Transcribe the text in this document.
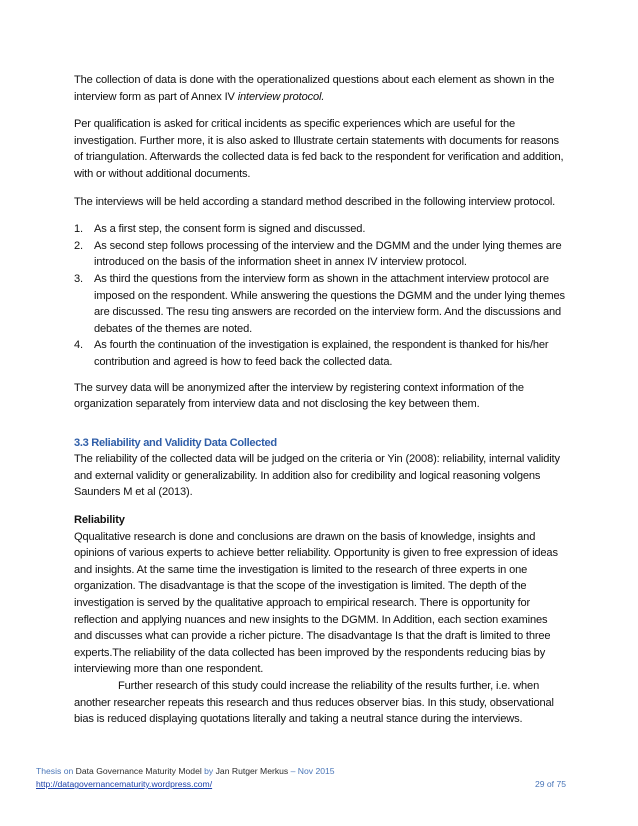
The collection of data is done with the operationalized questions about each element as shown in the interview form as part of Annex IV interview protocol.

Per qualification is asked for critical incidents as specific experiences which are useful for the investigation. Further more, it is also asked to Illustrate certain statements with documents for reasons of triangulation. Afterwards the collected data is fed back to the respondent for verification and addition, with or without additional documents.

The interviews will be held according a standard method described in the following interview protocol.

1. As a first step, the consent form is signed and discussed.
2. As second step follows processing of the interview and the DGMM and the under lying themes are introduced on the basis of the information sheet in annex IV interview protocol.
3. As third the questions from the interview form as shown in the attachment interview protocol are imposed on the respondent. While answering the questions the DGMM and the under lying themes are discussed. The resu ting answers are recorded on the interview form. And the discussions and debates of the themes are noted.
4. As fourth the continuation of the investigation is explained, the respondent is thanked for his/her contribution and agreed is how to feed back the collected data.

The survey data will be anonymized after the interview by registering context information of the organization separately from interview data and not disclosing the key between them.

3.3 Reliability and Validity Data Collected

The reliability of the collected data will be judged on the criteria or Yin (2008): reliability, internal validity and external validity or generalizability. In addition also for credibility and logical reasoning volgens Saunders M et al (2013).

Reliability

Qqualitative research is done and conclusions are drawn on the basis of knowledge, insights and opinions of various experts to achieve better reliability. Opportunity is given to free expression of ideas and insights. At the same time the investigation is limited to the research of three experts in one organization. The disadvantage is that the scope of the investigation is limited. The depth of the investigation is served by the qualitative approach to empirical research. There is opportunity for reflection and applying nuances and new insights to the DGMM. In Addition, each section examines and discusses what can provide a richer picture. The disadvantage Is that the draft is limited to three experts.The reliability of the data collected has been improved by the respondents reducing bias by interviewing more than one respondent.

Further research of this study could increase the reliability of the results further, i.e. when another researcher repeats this research and thus reduces observer bias. In this study, observational bias is reduced displaying quotations literally and taking a neutral stance during the interviews.

Thesis on Data Governance Maturity Model by Jan Rutger Merkus – Nov 2015
http://datagovernancematurity.wordpress.com/	29 of 75
